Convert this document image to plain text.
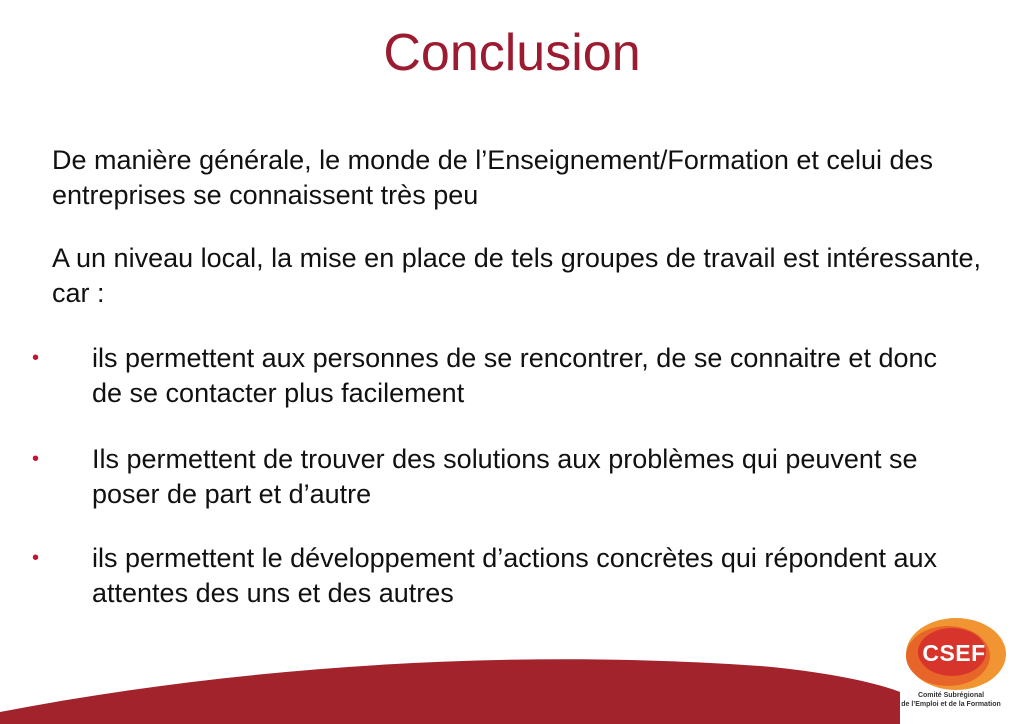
Conclusion
De manière générale, le monde de l’Enseignement/Formation et celui des entreprises se connaissent très peu
A un niveau local, la mise en place de tels groupes de travail est intéressante, car :
• ils permettent aux personnes de se rencontrer, de se connaitre et donc de se contacter plus facilement
• Ils permettent de trouver des solutions aux problèmes qui peuvent se poser de part et d’autre
• ils permettent le développement d’actions concrètes qui répondent aux attentes des uns et des autres
CSEF
Comité Subrégional
de l’Emploi et de la Formation
